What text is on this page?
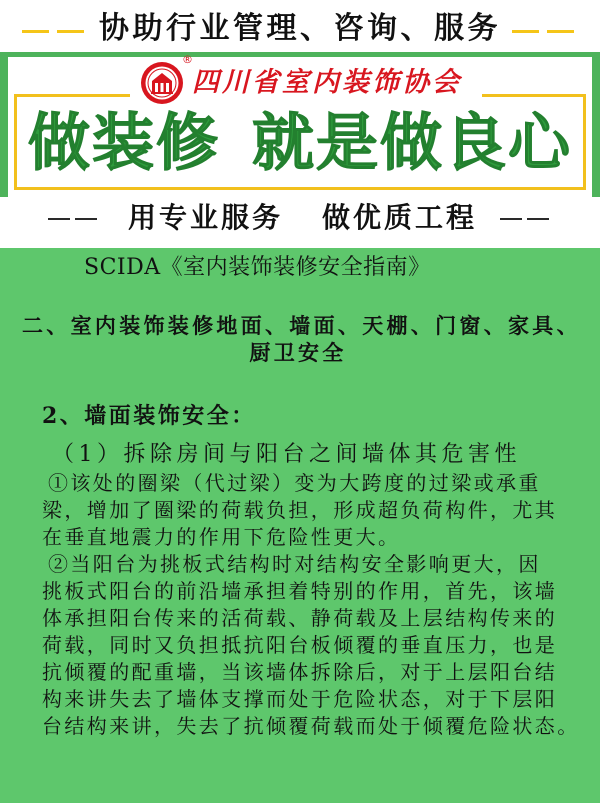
协助行业管理、咨询、服务
®
四川省室内装饰协会
做装修 就是做良心
用专业服务 做优质工程
SCIDA《室内装饰装修安全指南》
二、室内装饰装修地面、墙面、天棚、门窗、家具、
厨卫安全
2、墙面装饰安全：
（1）拆除房间与阳台之间墙体其危害性
①该处的圈梁（代过梁）变为大跨度的过梁或承重
梁，增加了圈梁的荷载负担，形成超负荷构件，尤其
在垂直地震力的作用下危险性更大。
②当阳台为挑板式结构时对结构安全影响更大，因
挑板式阳台的前沿墙承担着特别的作用，首先，该墙
体承担阳台传来的活荷载、静荷载及上层结构传来的
荷载，同时又负担抵抗阳台板倾覆的垂直压力，也是
抗倾覆的配重墙，当该墙体拆除后，对于上层阳台结
构来讲失去了墙体支撑而处于危险状态，对于下层阳
台结构来讲，失去了抗倾覆荷载而处于倾覆危险状态。
